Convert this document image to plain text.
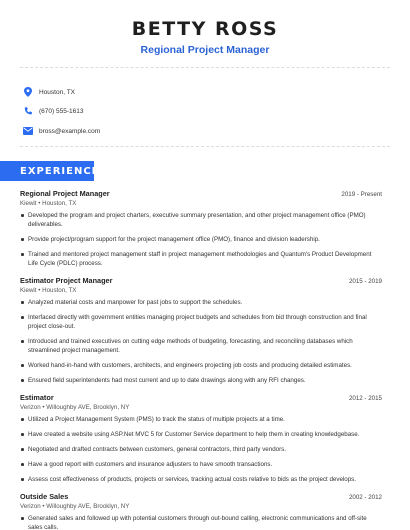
BETTY ROSS
Regional Project Manager
Houston, TX
(670) 555-1613
bross@example.com
EXPERIENCE
Regional Project Manager	2019 - Present
Kiewit • Houston, TX
Developed the program and project charters, executive summary presentation, and other project management office (PMO) deliverables.
Provide project/program support for the project management office (PMO), finance and division leadership.
Trained and mentored project management staff in project management methodologies and Quantum's Product Development Life Cycle (PDLC) process.
Estimator Project Manager	2015 - 2019
Kiewit • Houston, TX
Analyzed material costs and manpower for past jobs to support the schedules.
Interfaced directly with government entities managing project budgets and schedules from bid through construction and final project close-out.
Introduced and trained executives on cutting edge methods of budgeting, forecasting, and reconciling databases which streamlined project management.
Worked hand-in-hand with customers, architects, and engineers projecting job costs and producing detailed estimates.
Ensured field superintendents had most current and up to date drawings along with any RFI changes.
Estimator	2012 - 2015
Verizon • Willoughby AVE, Brooklyn, NY
Utilized a Project Management System (PMS) to track the status of multiple projects at a time.
Have created a website using ASP.Net MVC 5 for Customer Service department to help them in creating knowledgebase.
Negotiated and drafted contracts between customers, general contractors, third party vendors.
Have a good report with customers and insurance adjusters to have smooth transactions.
Assess cost effectiveness of products, projects or services, tracking actual costs relative to bids as the project develops.
Outside Sales	2002 - 2012
Verizon • Willoughby AVE, Brooklyn, NY
Generated sales and followed up with potential customers through out-bound calling, electronic communications and off-site sales calls.
